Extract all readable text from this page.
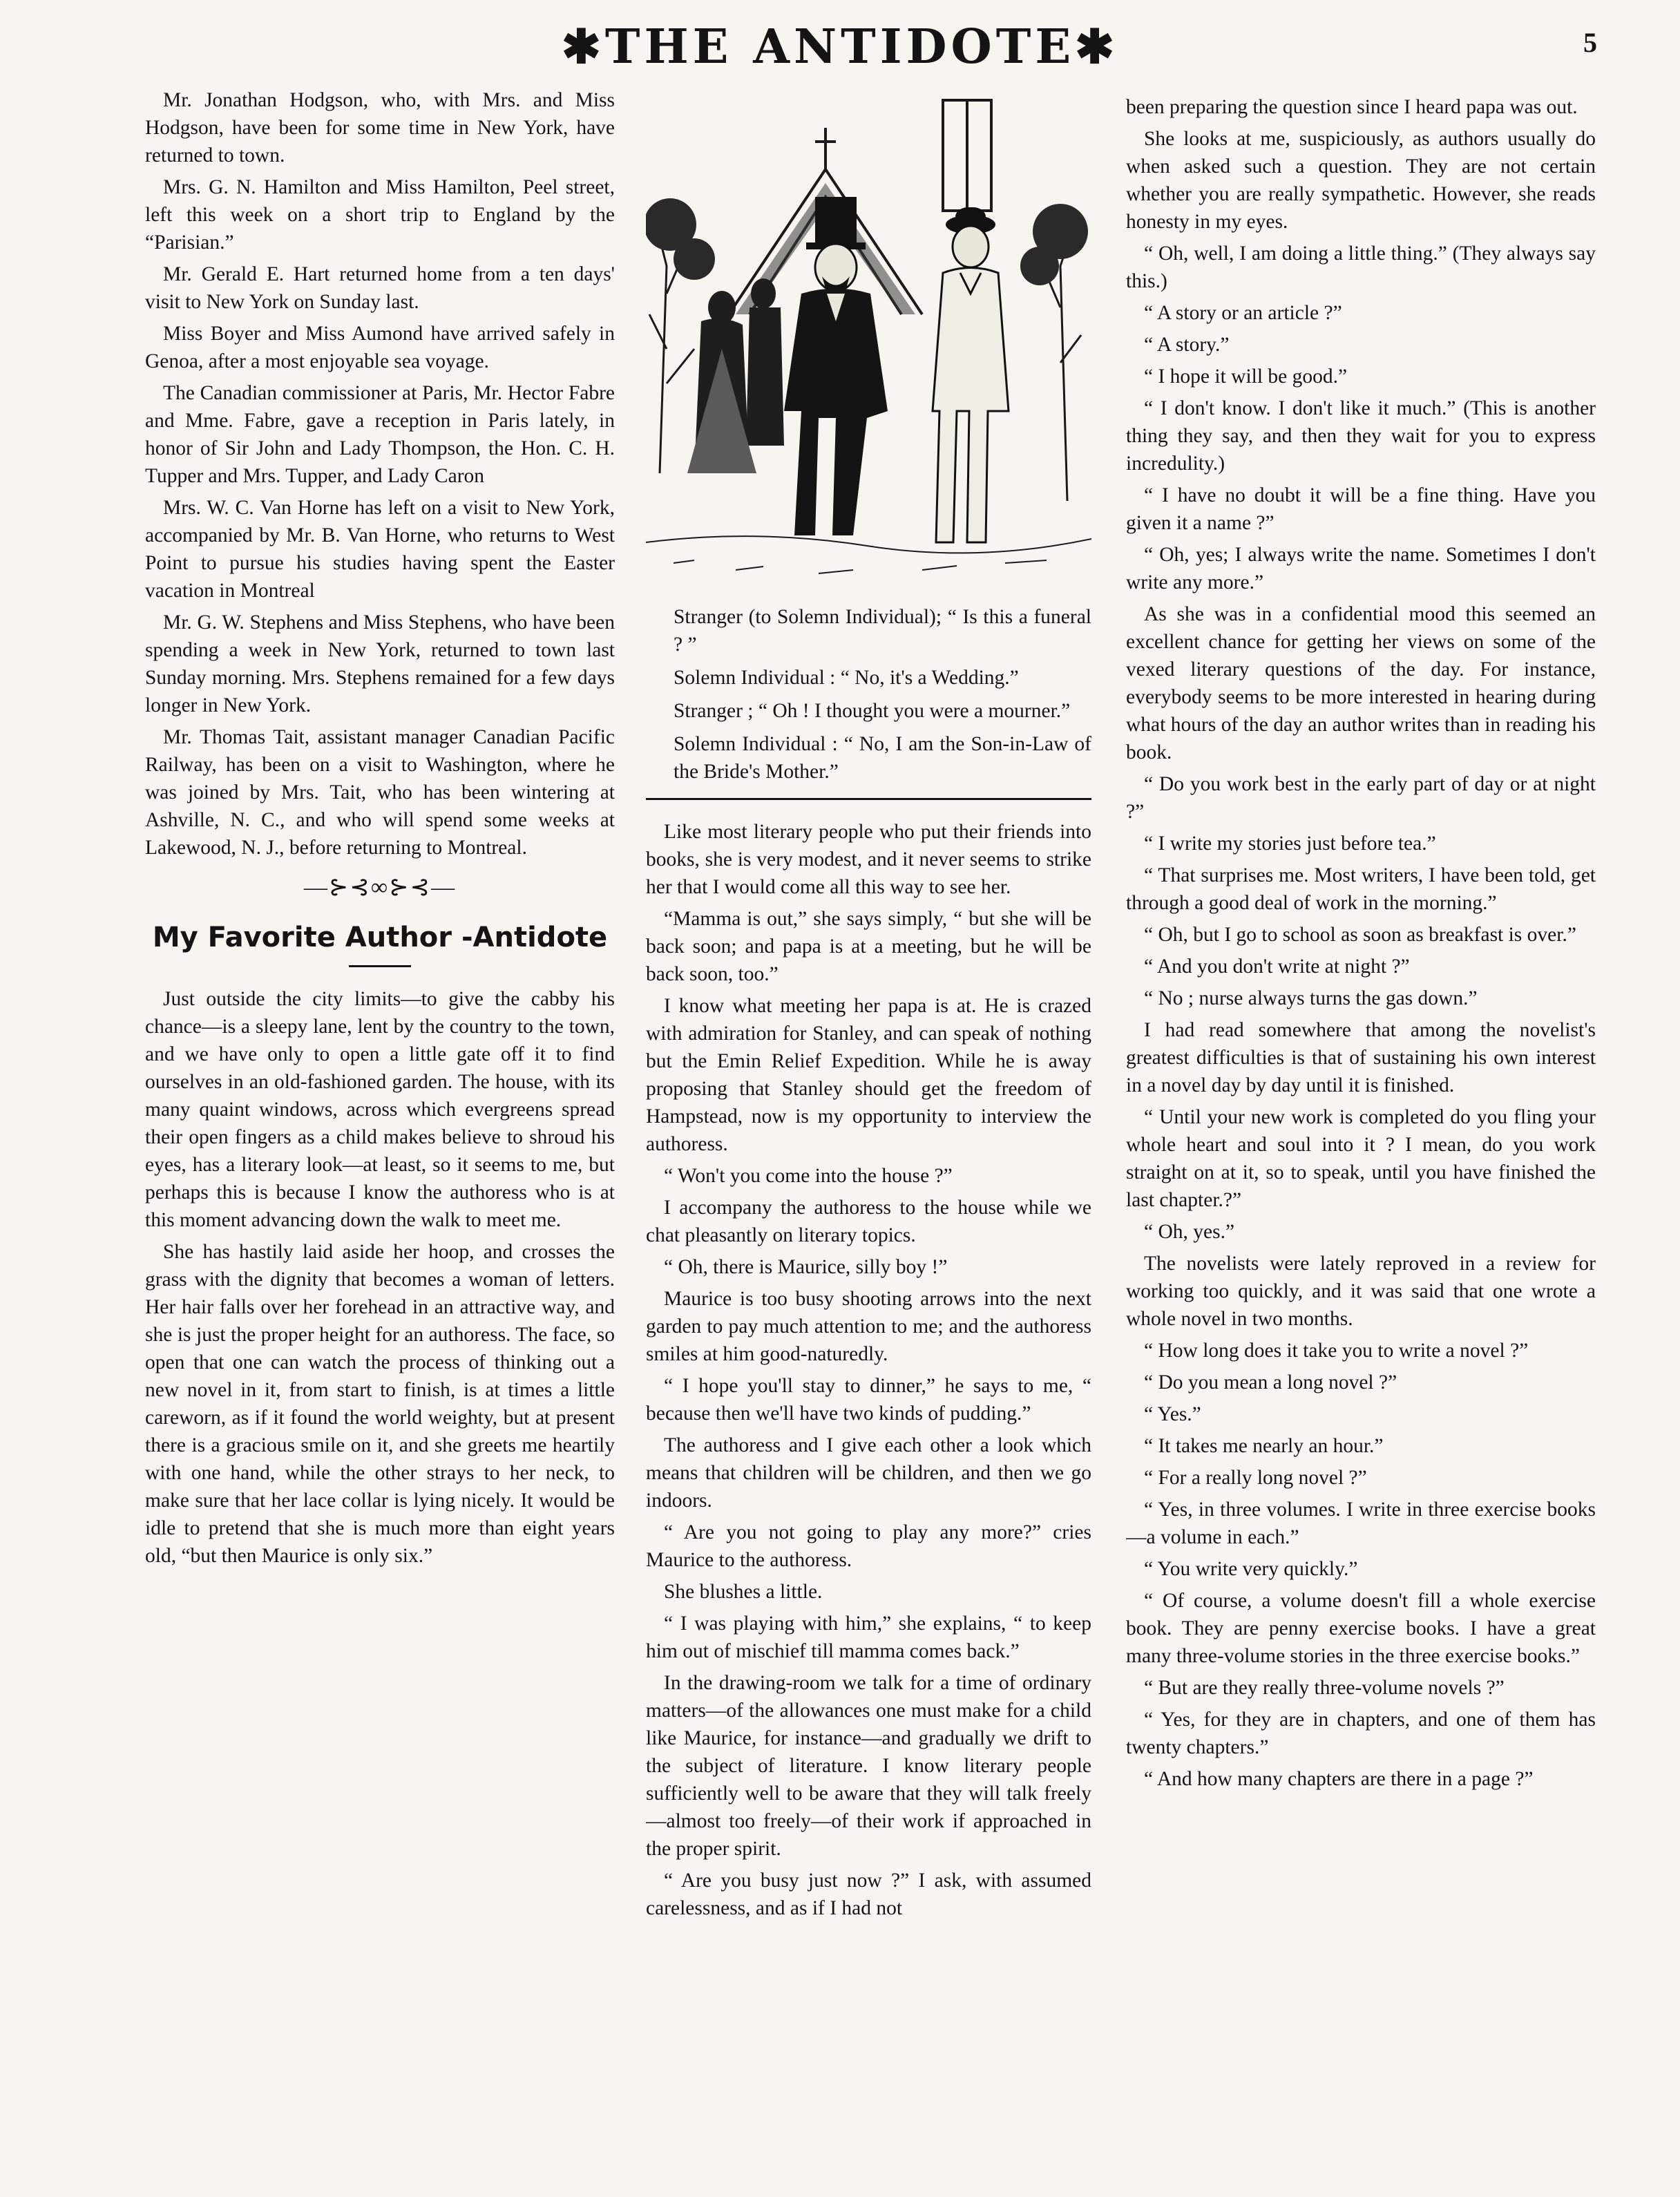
✱THE ANTIDOTE✱	5

Mr. Jonathan Hodgson, who, with Mrs. and Miss Hodgson, have been for some time in New York, have returned to town.

Mrs. G. N. Hamilton and Miss Hamilton, Peel street, left this week on a short trip to England by the “Parisian.”

Mr. Gerald E. Hart returned home from a ten days' visit to New York on Sunday last.

Miss Boyer and Miss Aumond have arrived safely in Genoa, after a most enjoyable sea voyage.

The Canadian commissioner at Paris, Mr. Hector Fabre and Mme. Fabre, gave a reception in Paris lately, in honor of Sir John and Lady Thompson, the Hon. C. H. Tupper and Mrs. Tupper, and Lady Caron

Mrs. W. C. Van Horne has left on a visit to New York, accompanied by Mr. B. Van Horne, who returns to West Point to pursue his studies having spent the Easter vacation in Montreal

Mr. G. W. Stephens and Miss Stephens, who have been spending a week in New York, returned to town last Sunday morning. Mrs. Stephens remained for a few days longer in New York.

Mr. Thomas Tait, assistant manager Canadian Pacific Railway, has been on a visit to Washington, where he was joined by Mrs. Tait, who has been wintering at Ashville, N. C., and who will spend some weeks at Lakewood, N. J., before returning to Montreal.

—⊱⊰∞⊱⊰—
My Favorite Author -Antidote

Just outside the city limits—to give the cabby his chance—is a sleepy lane, lent by the country to the town, and we have only to open a little gate off it to find ourselves in an old-fashioned garden. The house, with its many quaint windows, across which evergreens spread their open fingers as a child makes believe to shroud his eyes, has a literary look—at least, so it seems to me, but perhaps this is because I know the authoress who is at this moment advancing down the walk to meet me.

She has hastily laid aside her hoop, and crosses the grass with the dignity that becomes a woman of letters. Her hair falls over her forehead in an attractive way, and she is just the proper height for an authoress. The face, so open that one can watch the process of thinking out a new novel in it, from start to finish, is at times a little careworn, as if it found the world weighty, but at present there is a gracious smile on it, and she greets me heartily with one hand, while the other strays to her neck, to make sure that her lace collar is lying nicely. It would be idle to pretend that she is much more than eight years old, “but then Maurice is only six.”

Stranger (to Solemn Individual); “ Is this a funeral ? ”

Solemn Individual : “ No, it's a Wedding.”

Stranger ; “ Oh ! I thought you were a mourner.”

Solemn Individual : “ No, I am the Son-in-Law of the Bride's Mother.”

Like most literary people who put their friends into books, she is very modest, and it never seems to strike her that I would come all this way to see her.

“Mamma is out,” she says simply, “ but she will be back soon; and papa is at a meeting, but he will be back soon, too.”

I know what meeting her papa is at. He is crazed with admiration for Stanley, and can speak of nothing but the Emin Relief Expedition. While he is away proposing that Stanley should get the freedom of Hampstead, now is my opportunity to interview the authoress.

“ Won't you come into the house ?”

I accompany the authoress to the house while we chat pleasantly on literary topics.

“ Oh, there is Maurice, silly boy !”

Maurice is too busy shooting arrows into the next garden to pay much attention to me; and the authoress smiles at him good-naturedly.

“ I hope you'll stay to dinner,” he says to me, “ because then we'll have two kinds of pudding.”

The authoress and I give each other a look which means that children will be children, and then we go indoors.

“ Are you not going to play any more?” cries Maurice to the authoress.

She blushes a little.

“ I was playing with him,” she explains, “ to keep him out of mischief till mamma comes back.”

In the drawing-room we talk for a time of ordinary matters—of the allowances one must make for a child like Maurice, for instance—and gradually we drift to the subject of literature. I know literary people sufficiently well to be aware that they will talk freely—almost too freely—of their work if approached in the proper spirit.

“ Are you busy just now ?” I ask, with assumed carelessness, and as if I had not

been preparing the question since I heard papa was out.

She looks at me, suspiciously, as authors usually do when asked such a question. They are not certain whether you are really sympathetic. However, she reads honesty in my eyes.

“ Oh, well, I am doing a little thing.” (They always say this.)

“ A story or an article ?”

“ A story.”

“ I hope it will be good.”

“ I don't know. I don't like it much.” (This is another thing they say, and then they wait for you to express incredulity.)

“ I have no doubt it will be a fine thing. Have you given it a name ?”

“ Oh, yes; I always write the name. Sometimes I don't write any more.”

As she was in a confidential mood this seemed an excellent chance for getting her views on some of the vexed literary questions of the day. For instance, everybody seems to be more interested in hearing during what hours of the day an author writes than in reading his book.

“ Do you work best in the early part of day or at night ?”

“ I write my stories just before tea.”

“ That surprises me. Most writers, I have been told, get through a good deal of work in the morning.”

“ Oh, but I go to school as soon as breakfast is over.”

“ And you don't write at night ?”

“ No ; nurse always turns the gas down.”

I had read somewhere that among the novelist's greatest difficulties is that of sustaining his own interest in a novel day by day until it is finished.

“ Until your new work is completed do you fling your whole heart and soul into it ? I mean, do you work straight on at it, so to speak, until you have finished the last chapter.?”

“ Oh, yes.”

The novelists were lately reproved in a review for working too quickly, and it was said that one wrote a whole novel in two months.

“ How long does it take you to write a novel ?”

“ Do you mean a long novel ?”

“ Yes.”

“ It takes me nearly an hour.”

“ For a really long novel ?”

“ Yes, in three volumes. I write in three exercise books—a volume in each.”

“ You write very quickly.”

“ Of course, a volume doesn't fill a whole exercise book. They are penny exercise books. I have a great many three-volume stories in the three exercise books.”

“ But are they really three-volume novels ?”

“ Yes, for they are in chapters, and one of them has twenty chapters.”

“ And how many chapters are there in a page ?”
